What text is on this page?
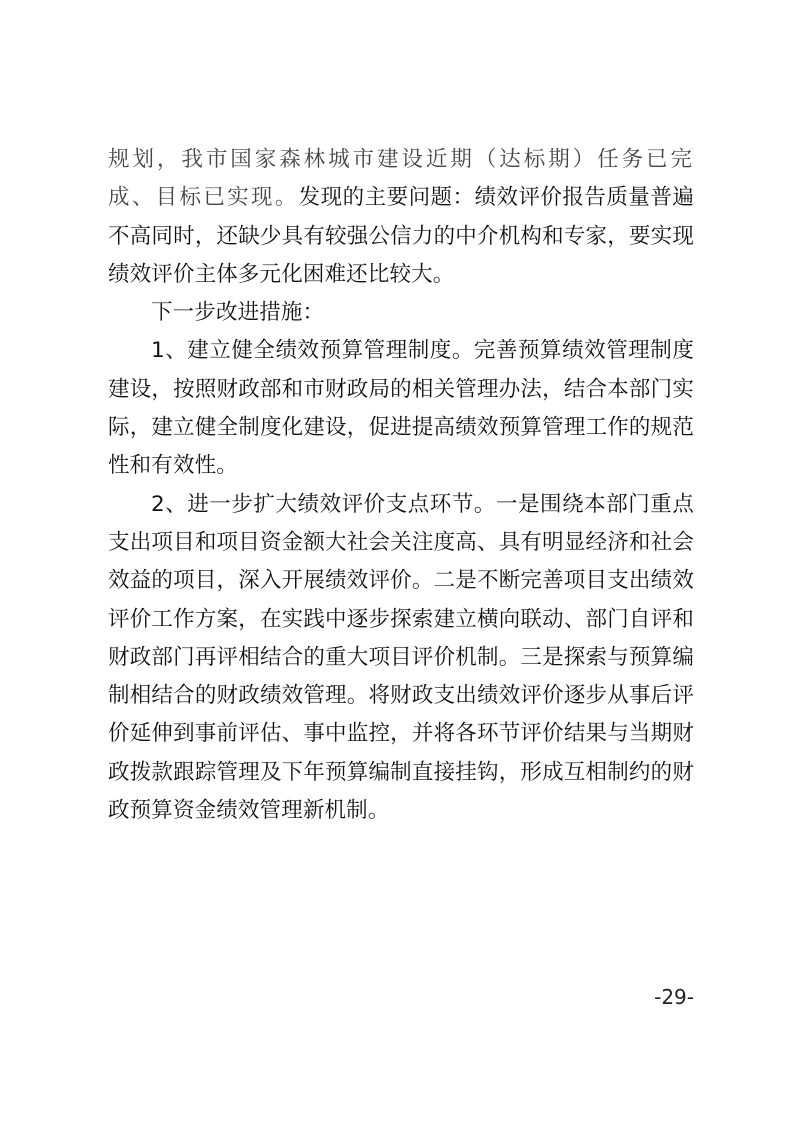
规划，我市国家森林城市建设近期（达标期）任务已完成、目标已实现。发现的主要问题：绩效评价报告质量普遍不高同时，还缺少具有较强公信力的中介机构和专家，要实现绩效评价主体多元化困难还比较大。

下一步改进措施：

1、建立健全绩效预算管理制度。完善预算绩效管理制度建设，按照财政部和市财政局的相关管理办法，结合本部门实际，建立健全制度化建设，促进提高绩效预算管理工作的规范性和有效性。

2、进一步扩大绩效评价支点环节。一是围绕本部门重点支出项目和项目资金额大社会关注度高、具有明显经济和社会效益的项目，深入开展绩效评价。二是不断完善项目支出绩效评价工作方案，在实践中逐步探索建立横向联动、部门自评和财政部门再评相结合的重大项目评价机制。三是探索与预算编制相结合的财政绩效管理。将财政支出绩效评价逐步从事后评价延伸到事前评估、事中监控，并将各环节评价结果与当期财政拨款跟踪管理及下年预算编制直接挂钩，形成互相制约的财政预算资金绩效管理新机制。

-29-
